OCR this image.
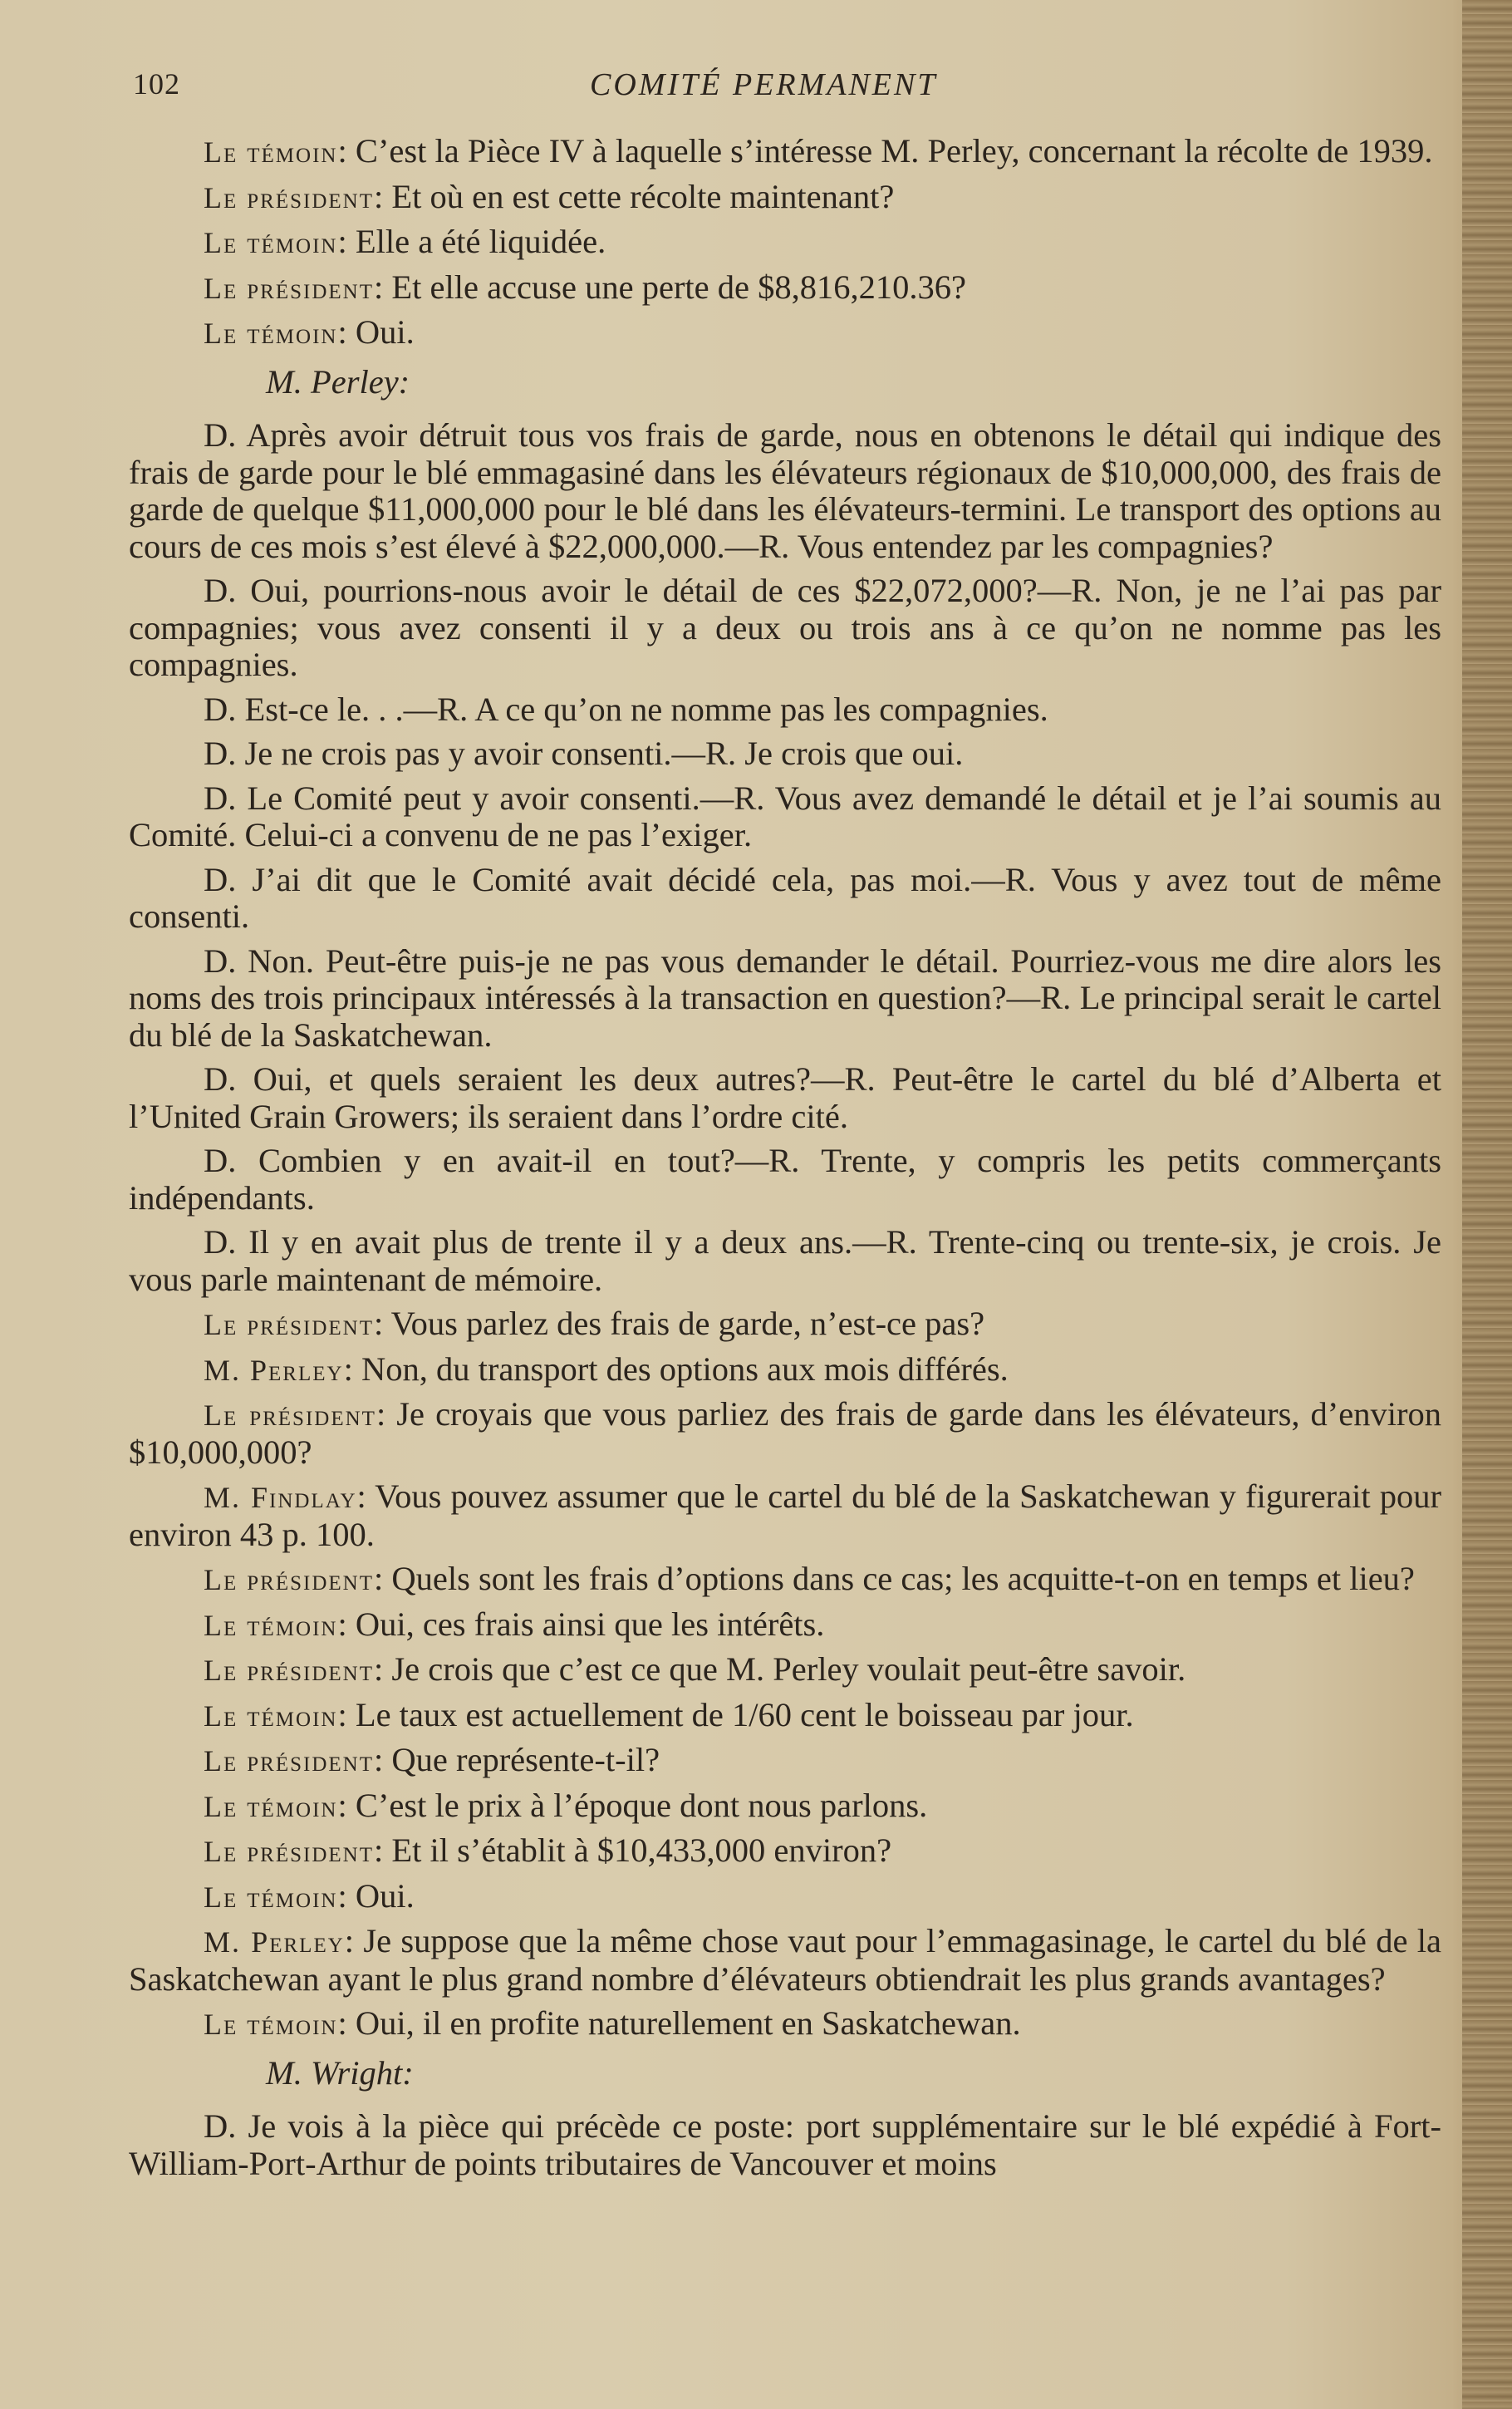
102	COMITÉ PERMANENT

Le témoin: C’est la Pièce IV à laquelle s’intéresse M. Perley, concernant la récolte de 1939.

Le président: Et où en est cette récolte maintenant?

Le témoin: Elle a été liquidée.

Le président: Et elle accuse une perte de $8,816,210.36?

Le témoin: Oui.

M. Perley:

D. Après avoir détruit tous vos frais de garde, nous en obtenons le détail qui indique des frais de garde pour le blé emmagasiné dans les élévateurs régionaux de $10,000,000, des frais de garde de quelque $11,000,000 pour le blé dans les élévateurs-termini. Le transport des options au cours de ces mois s’est élevé à $22,000,000.—R. Vous entendez par les compagnies?

D. Oui, pourrions-nous avoir le détail de ces $22,072,000?—R. Non, je ne l’ai pas par compagnies; vous avez consenti il y a deux ou trois ans à ce qu’on ne nomme pas les compagnies.

D. Est-ce le. . .—R. A ce qu’on ne nomme pas les compagnies.

D. Je ne crois pas y avoir consenti.—R. Je crois que oui.

D. Le Comité peut y avoir consenti.—R. Vous avez demandé le détail et je l’ai soumis au Comité. Celui-ci a convenu de ne pas l’exiger.

D. J’ai dit que le Comité avait décidé cela, pas moi.—R. Vous y avez tout de même consenti.

D. Non. Peut-être puis-je ne pas vous demander le détail. Pourriez-vous me dire alors les noms des trois principaux intéressés à la transaction en question?—R. Le principal serait le cartel du blé de la Saskatchewan.

D. Oui, et quels seraient les deux autres?—R. Peut-être le cartel du blé d’Alberta et l’United Grain Growers; ils seraient dans l’ordre cité.

D. Combien y en avait-il en tout?—R. Trente, y compris les petits commerçants indépendants.

D. Il y en avait plus de trente il y a deux ans.—R. Trente-cinq ou trente-six, je crois. Je vous parle maintenant de mémoire.

Le président: Vous parlez des frais de garde, n’est-ce pas?

M. Perley: Non, du transport des options aux mois différés.

Le président: Je croyais que vous parliez des frais de garde dans les élévateurs, d’environ $10,000,000?

M. Findlay: Vous pouvez assumer que le cartel du blé de la Saskatchewan y figurerait pour environ 43 p. 100.

Le président: Quels sont les frais d’options dans ce cas; les acquitte-t-on en temps et lieu?

Le témoin: Oui, ces frais ainsi que les intérêts.

Le président: Je crois que c’est ce que M. Perley voulait peut-être savoir.

Le témoin: Le taux est actuellement de 1/60 cent le boisseau par jour.

Le président: Que représente-t-il?

Le témoin: C’est le prix à l’époque dont nous parlons.

Le président: Et il s’établit à $10,433,000 environ?

Le témoin: Oui.

M. Perley: Je suppose que la même chose vaut pour l’emmagasinage, le cartel du blé de la Saskatchewan ayant le plus grand nombre d’élévateurs obtiendrait les plus grands avantages?

Le témoin: Oui, il en profite naturellement en Saskatchewan.

M. Wright:

D. Je vois à la pièce qui précède ce poste: port supplémentaire sur le blé expédié à Fort-William-Port-Arthur de points tributaires de Vancouver et moins
